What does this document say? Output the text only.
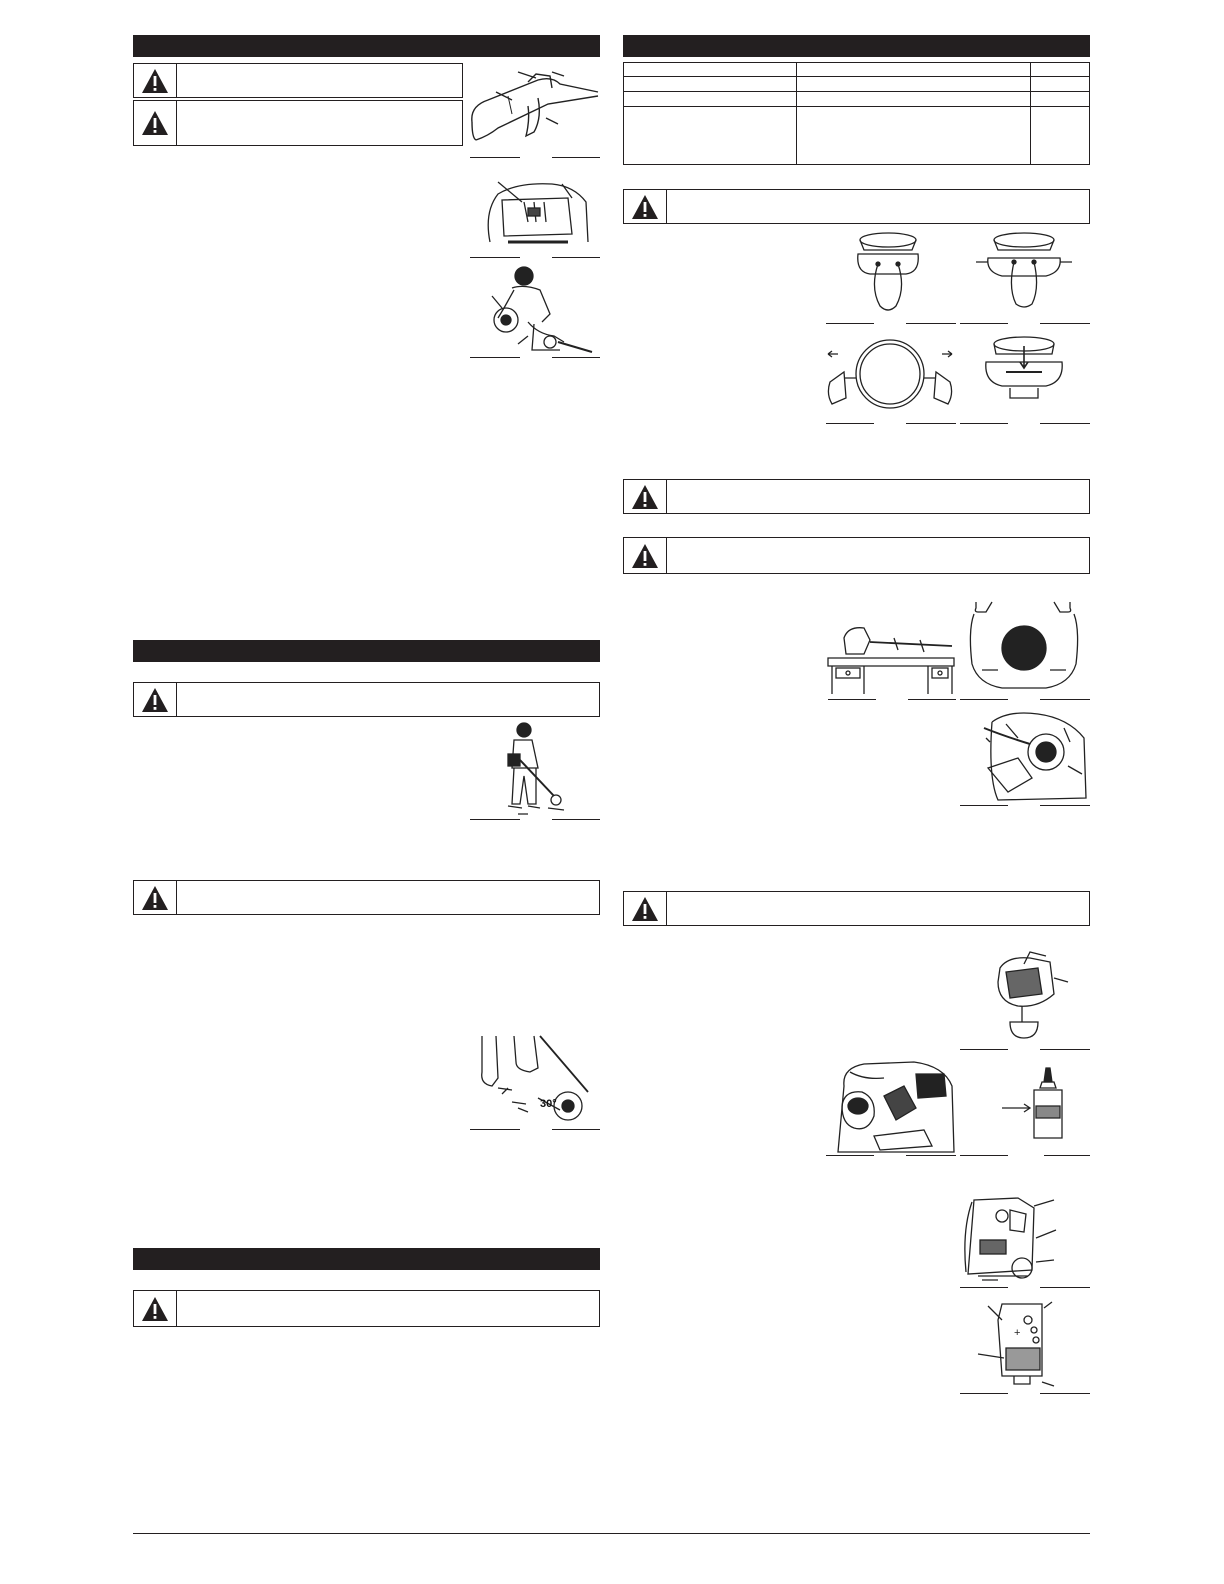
30°
+
